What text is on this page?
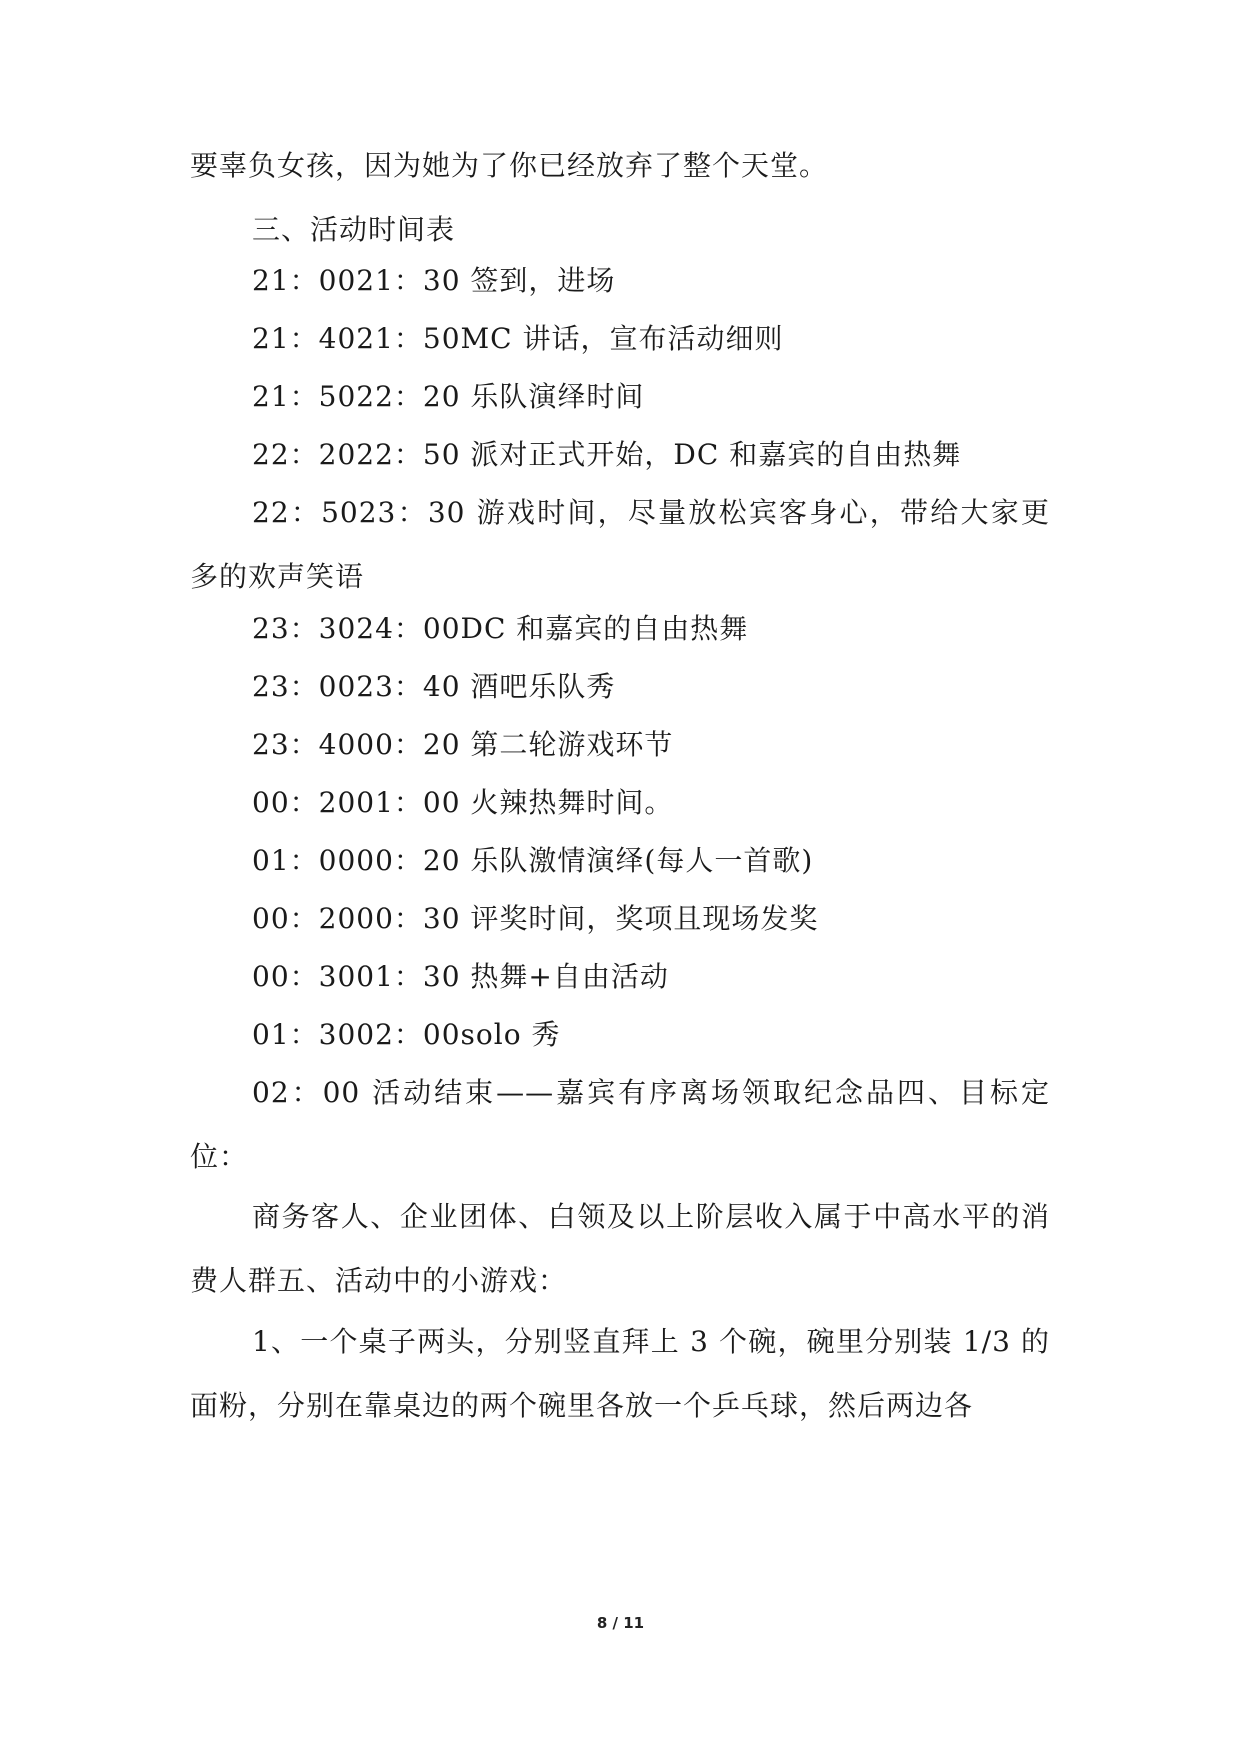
要辜负女孩，因为她为了你已经放弃了整个天堂。

三、活动时间表

21：0021：30 签到，进场

21：4021：50MC 讲话，宣布活动细则

21：5022：20 乐队演绎时间

22：2022：50 派对正式开始，DC 和嘉宾的自由热舞

22：5023：30 游戏时间，尽量放松宾客身心，带给大家更多的欢声笑语

23：3024：00DC 和嘉宾的自由热舞

23：0023：40 酒吧乐队秀

23：4000：20 第二轮游戏环节

00：2001：00 火辣热舞时间。

01：0000：20 乐队激情演绎(每人一首歌)

00：2000：30 评奖时间，奖项且现场发奖

00：3001：30 热舞+自由活动

01：3002：00solo 秀

02：00 活动结束——嘉宾有序离场领取纪念品四、目标定位：

商务客人、企业团体、白领及以上阶层收入属于中高水平的消费人群五、活动中的小游戏：

1、一个桌子两头，分别竖直拜上 3 个碗，碗里分别装 1/3 的面粉，分别在靠桌边的两个碗里各放一个乒乓球，然后两边各

8 / 11
